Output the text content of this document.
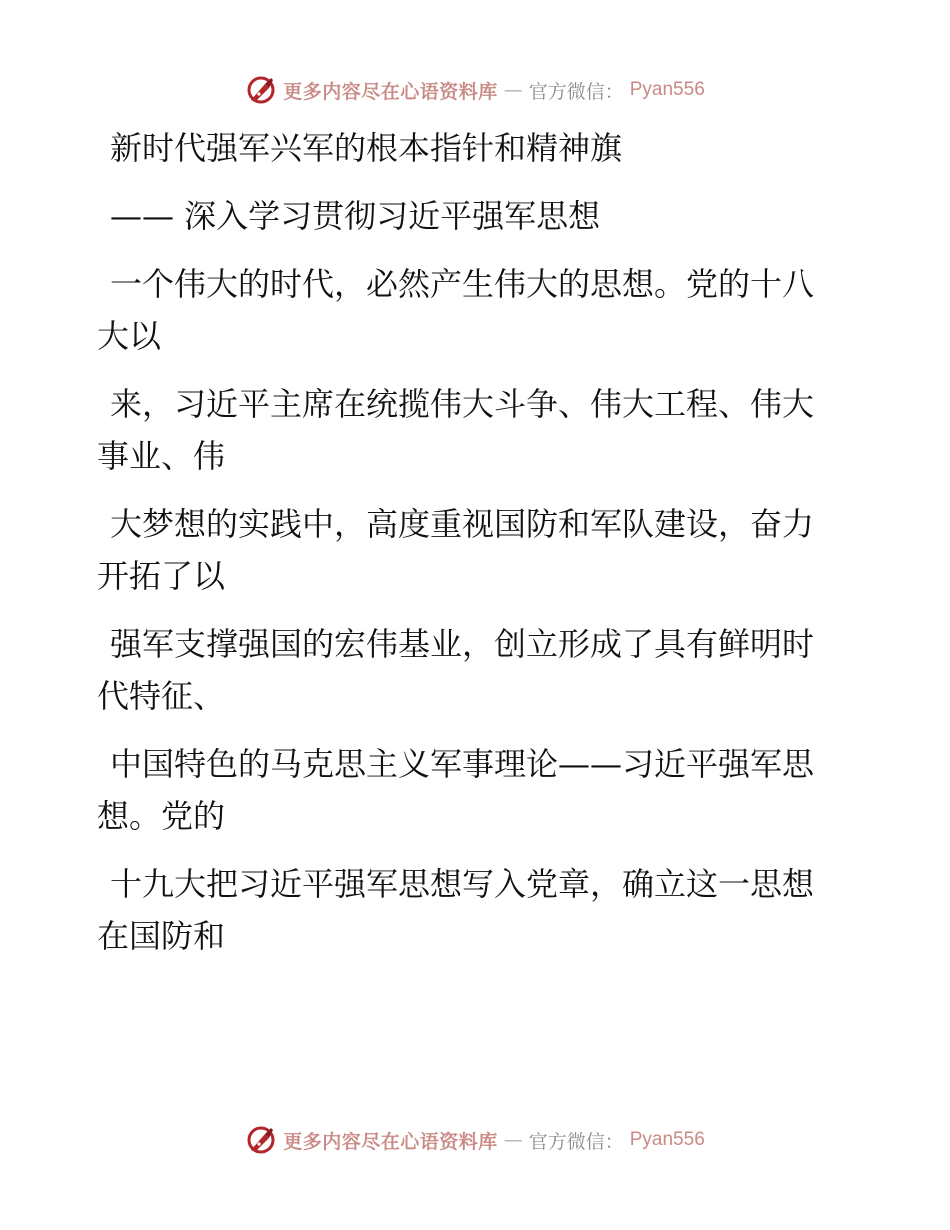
更多内容尽在心语资料库 — 官方微信： Pyan556

新时代强军兴军的根本指针和精神旗

—— 深入学习贯彻习近平强军思想

一个伟大的时代，必然产生伟大的思想。党的十八大以

来，习近平主席在统揽伟大斗争、伟大工程、伟大事业、伟

大梦想的实践中，高度重视国防和军队建设，奋力开拓了以

强军支撑强国的宏伟基业，创立形成了具有鲜明时代特征、

中国特色的马克思主义军事理论——习近平强军思想。党的

十九大把习近平强军思想写入党章，确立这一思想在国防和

更多内容尽在心语资料库 — 官方微信： Pyan556
